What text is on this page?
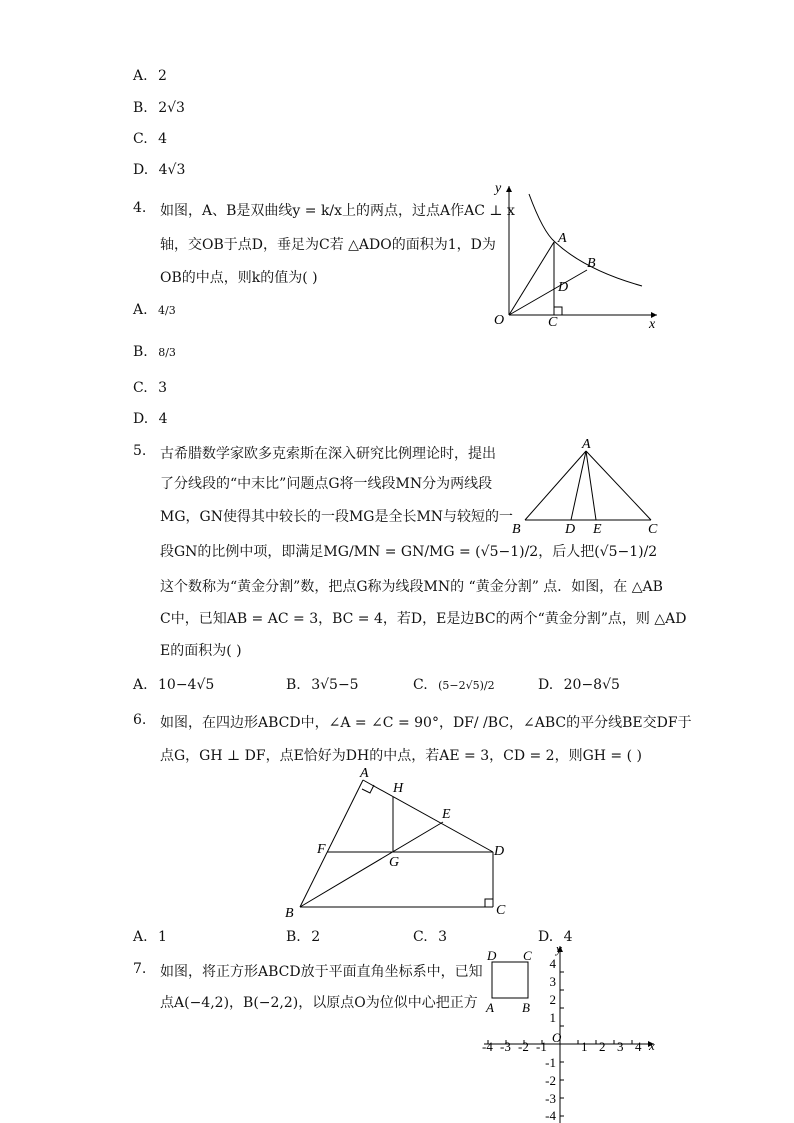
A. 2
B. 2√3
C. 4
D. 4√3
4. 如图，A、B是双曲线y = k/x上的两点，过点A作AC ⊥ x
轴，交OB于点D，垂足为C若 △ADO的面积为1，D为
OB的中点，则k的值为( )
A. 4/3
B. 8/3
C. 3
D. 4
y
A
B
D
O	C	x
5. 古希腊数学家欧多克索斯在深入研究比例理论时，提出
了分线段的“中末比”问题点G将一线段MN分为两线段
MG，GN使得其中较长的一段MG是全长MN与较短的一
段GN的比例中项，即满足MG/MN = GN/MG = (√5−1)/2，后人把(√5−1)/2
这个数称为“黄金分割”数，把点G称为线段MN的 “黄金分割” 点．如图，在 △AB
C中，已知AB = AC = 3，BC = 4，若D，E是边BC的两个“黄金分割”点，则 △AD
E的面积为( )
A. 10−4√5	B. 3√5−5	C. (5−2√5)/2	D. 20−8√5
A
B	D E	C
6. 如图，在四边形ABCD中，∠A = ∠C = 90°，DF/ /BC，∠ABC的平分线BE交DF于
点G，GH ⊥ DF，点E恰好为DH的中点，若AE = 3，CD = 2，则GH = ( )
A
H
E
F
G
D
B	C
A. 1	B. 2	C. 3	D. 4
7. 如图，将正方形ABCD放于平面直角坐标系中，已知
点A(−4,2)，B(−2,2)，以原点O为位似中心把正方
D C
A B
y
x
O
-4 -3 -2 -1	1 2 3 4
4
3
2
1
-1
-2
-3
-4
